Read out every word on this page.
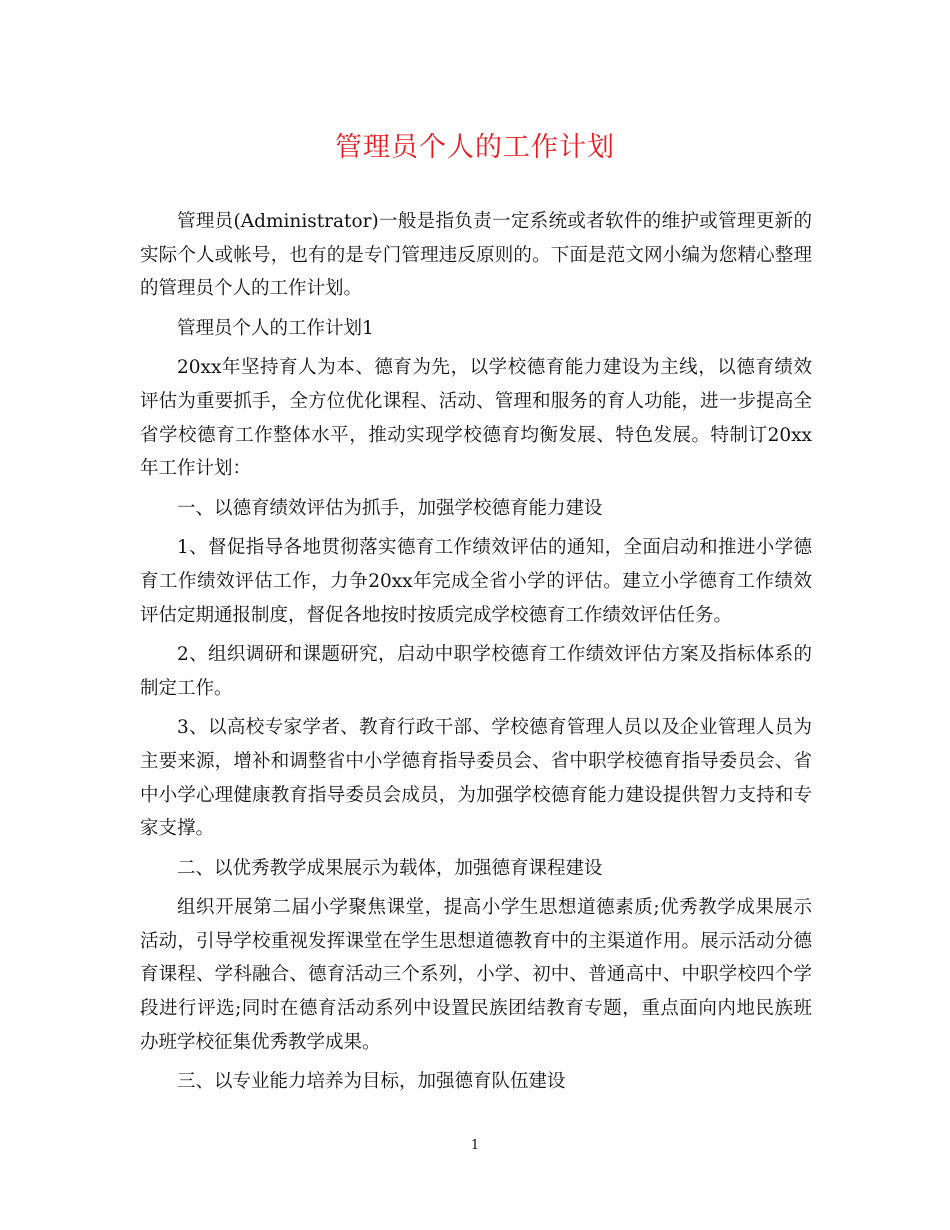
管理员个人的工作计划

管理员(Administrator)一般是指负责一定系统或者软件的维护或管理更新的实际个人或帐号，也有的是专门管理违反原则的。下面是范文网小编为您精心整理的管理员个人的工作计划。

管理员个人的工作计划1

20xx年坚持育人为本、德育为先，以学校德育能力建设为主线，以德育绩效评估为重要抓手，全方位优化课程、活动、管理和服务的育人功能，进一步提高全省学校德育工作整体水平，推动实现学校德育均衡发展、特色发展。特制订20xx年工作计划：

一、以德育绩效评估为抓手，加强学校德育能力建设

1、督促指导各地贯彻落实德育工作绩效评估的通知，全面启动和推进小学德育工作绩效评估工作，力争20xx年完成全省小学的评估。建立小学德育工作绩效评估定期通报制度，督促各地按时按质完成学校德育工作绩效评估任务。

2、组织调研和课题研究，启动中职学校德育工作绩效评估方案及指标体系的制定工作。

3、以高校专家学者、教育行政干部、学校德育管理人员以及企业管理人员为主要来源，增补和调整省中小学德育指导委员会、省中职学校德育指导委员会、省中小学心理健康教育指导委员会成员，为加强学校德育能力建设提供智力支持和专家支撑。

二、以优秀教学成果展示为载体，加强德育课程建设

组织开展第二届小学聚焦课堂，提高小学生思想道德素质;优秀教学成果展示活动，引导学校重视发挥课堂在学生思想道德教育中的主渠道作用。展示活动分德育课程、学科融合、德育活动三个系列，小学、初中、普通高中、中职学校四个学段进行评选;同时在德育活动系列中设置民族团结教育专题，重点面向内地民族班办班学校征集优秀教学成果。

三、以专业能力培养为目标，加强德育队伍建设

1
